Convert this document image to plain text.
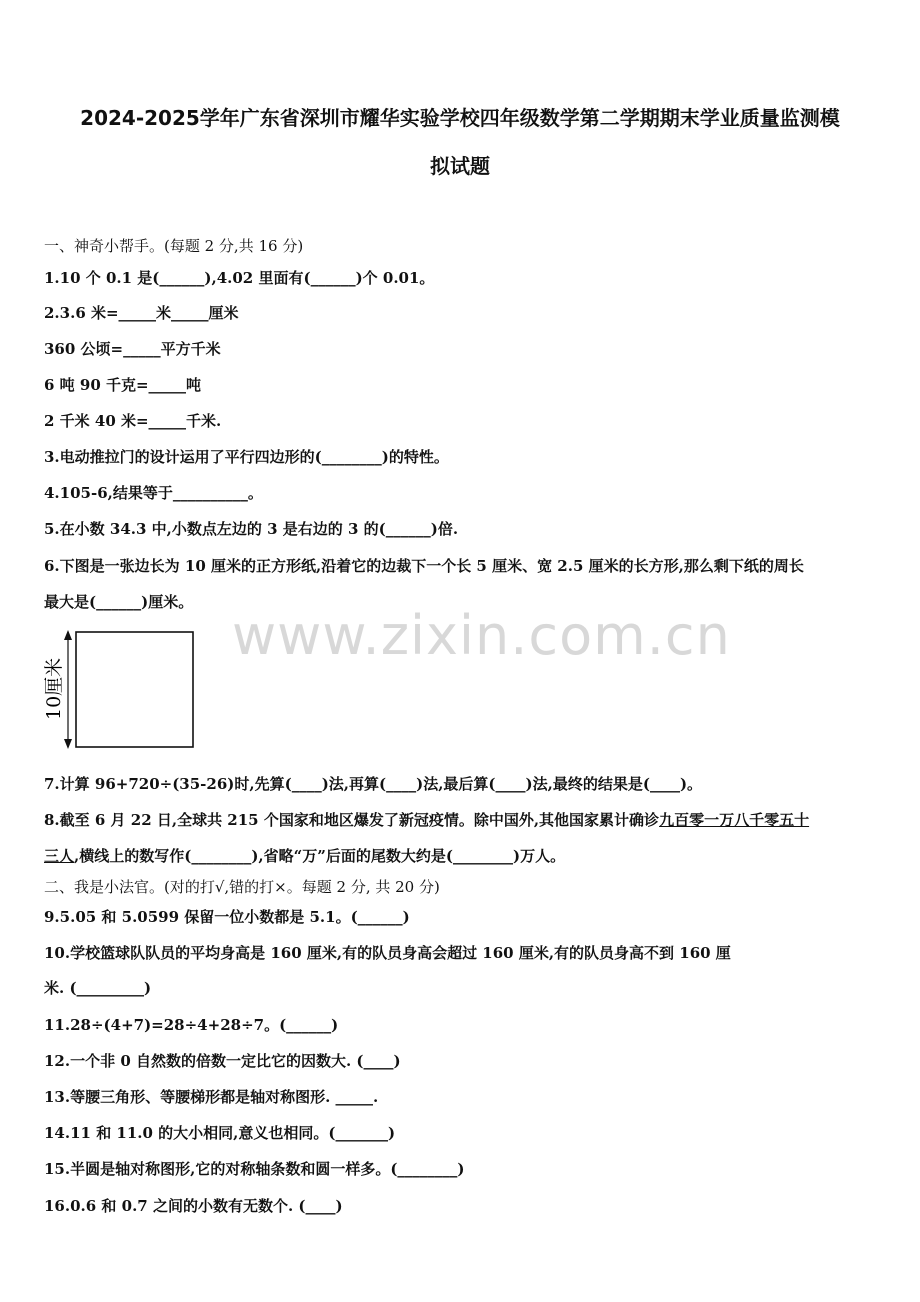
2024-2025学年广东省深圳市耀华实验学校四年级数学第二学期期末学业质量监测模
拟试题
www.zixin.com.cn
一、神奇小帮手。(每题 2 分,共 16 分)
1.10 个 0.1 是(______),4.02 里面有(______)个 0.01。
2.3.6 米=_____米_____厘米
360 公顷=_____平方千米
6 吨 90 千克=_____吨
2 千米 40 米=_____千米.
3.电动推拉门的设计运用了平行四边形的(________)的特性。
4.105-6,结果等于__________。
5.在小数 34.3 中,小数点左边的 3 是右边的 3 的(______)倍.
6.下图是一张边长为 10 厘米的正方形纸,沿着它的边裁下一个长 5 厘米、宽 2.5 厘米的长方形,那么剩下纸的周长
最大是(______)厘米。
10厘米
7.计算 96+720÷(35-26)时,先算(____)法,再算(____)法,最后算(____)法,最终的结果是(____)。
8.截至 6 月 22 日,全球共 215 个国家和地区爆发了新冠疫情。除中国外,其他国家累计确诊九百零一万八千零五十
三人,横线上的数写作(________),省略“万”后面的尾数大约是(________)万人。
二、我是小法官。(对的打√,错的打×。每题 2 分, 共 20 分)
9.5.05 和 5.0599 保留一位小数都是 5.1。(______)
10.学校篮球队队员的平均身高是 160 厘米,有的队员身高会超过 160 厘米,有的队员身高不到 160 厘
米. (_________)
11.28÷(4+7)=28÷4+28÷7。(______)
12.一个非 0 自然数的倍数一定比它的因数大. (____)
13.等腰三角形、等腰梯形都是轴对称图形. _____.
14.11 和 11.0 的大小相同,意义也相同。(_______)
15.半圆是轴对称图形,它的对称轴条数和圆一样多。(________)
16.0.6 和 0.7 之间的小数有无数个. (____)
